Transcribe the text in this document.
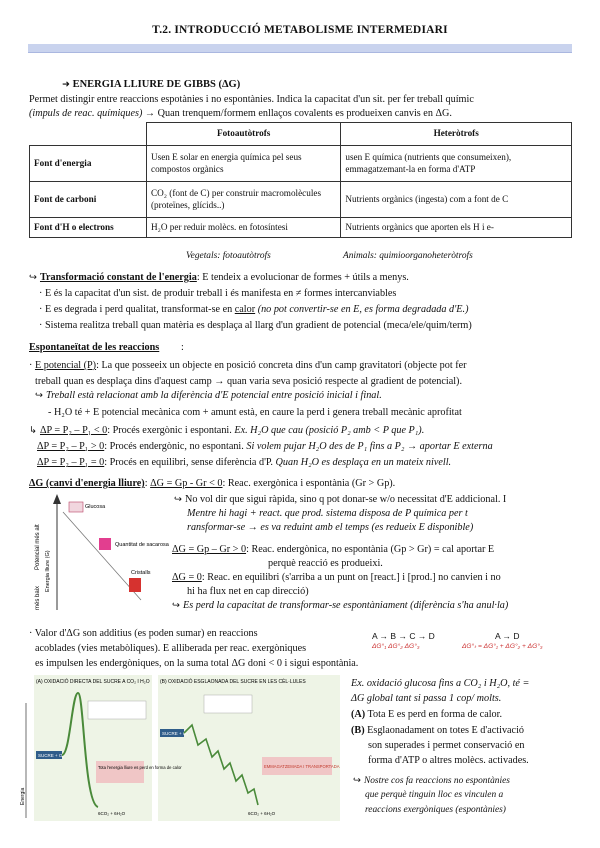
T.2. INTRODUCCIÓ METABOLISME INTERMEDIARI
➜ ENERGIA LLIURE DE GIBBS (ΔG)
Permet distingir entre reaccions espotànies i no espontànies. Indica la capacitat d'un sit. per fer treball químic
(impuls de reac. químiques) → Quan trenquem/formem enllaços covalents es produeixen canvis en ΔG.
	Fotoautòtrofs	Heteròtrofs
Font d'energia	Usen E solar en energia química pel seus compostos orgànics	usen E química (nutrients que consumeixen), emmagatzemant-la en forma d'ATP
Font de carboni	CO₂ (font de C) per construir macromolècules (proteïnes, glícids..)	Nutrients orgànics (ingesta) com a font de C
Font d'H o electrons	H₂O per reduir molècs. en fotosíntesi	Nutrients orgànics que aporten els H i e-
Vegetals: fotoautòtrofs	Animals: quimioorganoheteròtrofs
↪ Transformació constant de l'energia: E tendeix a evolucionar de formes + útils a menys.
· E és la capacitat d'un sist. de produir treball i és manifesta en ≠ formes intercanviables
· E es degrada i perd qualitat, transformat-se en calor (no pot convertir-se en E, es forma degradada d'E.)
· Sistema realitza treball quan matèria es desplaça al llarg d'un gradient de potencial (meca/ele/quim/term)
Espontaneïtat de les reaccions	:
· E potencial (P): La que posseeix un objecte en posició concreta dins d'un camp gravitatori (objecte pot fer
treball quan es desplaça dins d'aquest camp → quan varia seva posició respecte al gradient de potencial).
↪ Treball està relacionat amb la diferència d'E potencial entre posició inicial i final.
- H₂O té + E potencial mecànica com + amunt està, en caure la perd i genera treball mecànic aprofitat
↳ ΔP = P₂ – P₁ < 0: Procés exergònic i espontani. Ex. H₂O que cau (posició P₂ amb < P que P₁).
ΔP = P₂ – P₁ > 0: Procés endergònic, no espontani. Si volem pujar H₂O des de P₁ fins a P₂ → aportar E externa
ΔP = P₂ – P₁ = 0: Procés en equilibri, sense diferència d'P. Quan H₂O es desplaça en un mateix nivell.
ΔG (canvi d'energia lliure): ΔG = Gp - Gr < 0: Reac. exergònica i espontània (Gr > Gp).
Glucosa
Quantitat de sacarosa
Cristalls
Potencial més alt
més baix
Energia lliure (G)
↪ No vol dir que sigui ràpida, sino q pot donar-se w/o necessitat d'E addicional. I
Mentre hi hagi + react. que prod. sistema disposa de P química per t
ransformar-se → es va reduint amb el temps (es redueix E disponible)
ΔG = Gp – Gr > 0: Reac. endergònica, no espontània (Gp > Gr) = cal aportar E
perquè reacció es produeixi.
ΔG = 0: Reac. en equilibri (s'arriba a un punt on [react.] i [prod.] no canvien i no
hi ha flux net en cap direcció)
↪ Es perd la capacitat de transformar-se espontàniament (diferència s'ha anul·la)
· Valor d'ΔG son additius (es poden sumar) en reaccions
acoblades (vies metabòliques). E alliberada per reac. exergòniques
es impulsen les endergòniques, on la suma total ΔG doni < 0 i sigui espontània.
A → B → C → D
ΔG°₁ ΔG°₂ ΔG°₃
A → D
ΔG°ₜ = ΔG°₁ + ΔG°₂ + ΔG°₃
(A) OXIDACIÓ DIRECTA DEL SUCRE A CO₂ I H₂O (B) OXIDACIÓ ESGLAONADA DEL SUCRE EN LES CÈL·LULES
Energia
SUCRE + O₂
Tota l'energia lliure es perd en forma de calor
6CO₂ + 6H₂O
SUCRE + O₂
EMMAGATZEMADA I TRANSPORTADA
6CO₂ + 6H₂O
Ex. oxidació glucosa fins a CO₂ i H₂O, té =
ΔG global tant si passa 1 cop/ molts.
(A) Tota E es perd en forma de calor.
(B) Esglaonadament on totes E d'activació
son superades i permet conservació en
forma d'ATP o altres molècs. activades.
↪ Nostre cos fa reaccions no espontànies
que perquè tinguin lloc es vinculen a
reaccions exergòniques (espontànies)
